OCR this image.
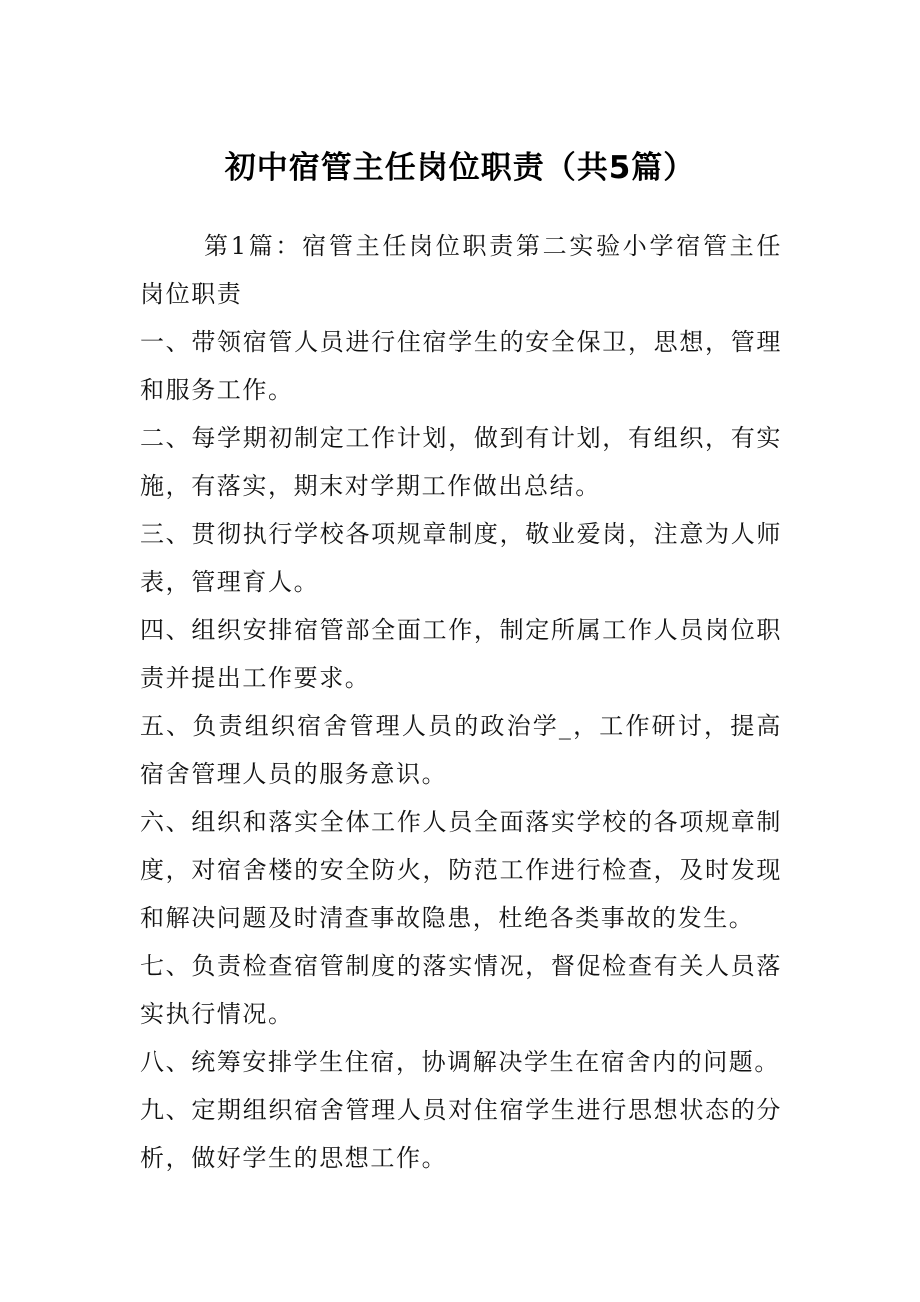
初中宿管主任岗位职责（共5篇）

第1篇：宿管主任岗位职责第二实验小学宿管主任岗位职责

一、带领宿管人员进行住宿学生的安全保卫，思想，管理和服务工作。

二、每学期初制定工作计划，做到有计划，有组织，有实施，有落实，期末对学期工作做出总结。

三、贯彻执行学校各项规章制度，敬业爱岗，注意为人师表，管理育人。

四、组织安排宿管部全面工作，制定所属工作人员岗位职责并提出工作要求。

五、负责组织宿舍管理人员的政治学_，工作研讨，提高宿舍管理人员的服务意识。

六、组织和落实全体工作人员全面落实学校的各项规章制度，对宿舍楼的安全防火，防范工作进行检查，及时发现和解决问题及时清查事故隐患，杜绝各类事故的发生。

七、负责检查宿管制度的落实情况，督促检查有关人员落实执行情况。

八、统筹安排学生住宿，协调解决学生在宿舍内的问题。

九、定期组织宿舍管理人员对住宿学生进行思想状态的分析，做好学生的思想工作。
